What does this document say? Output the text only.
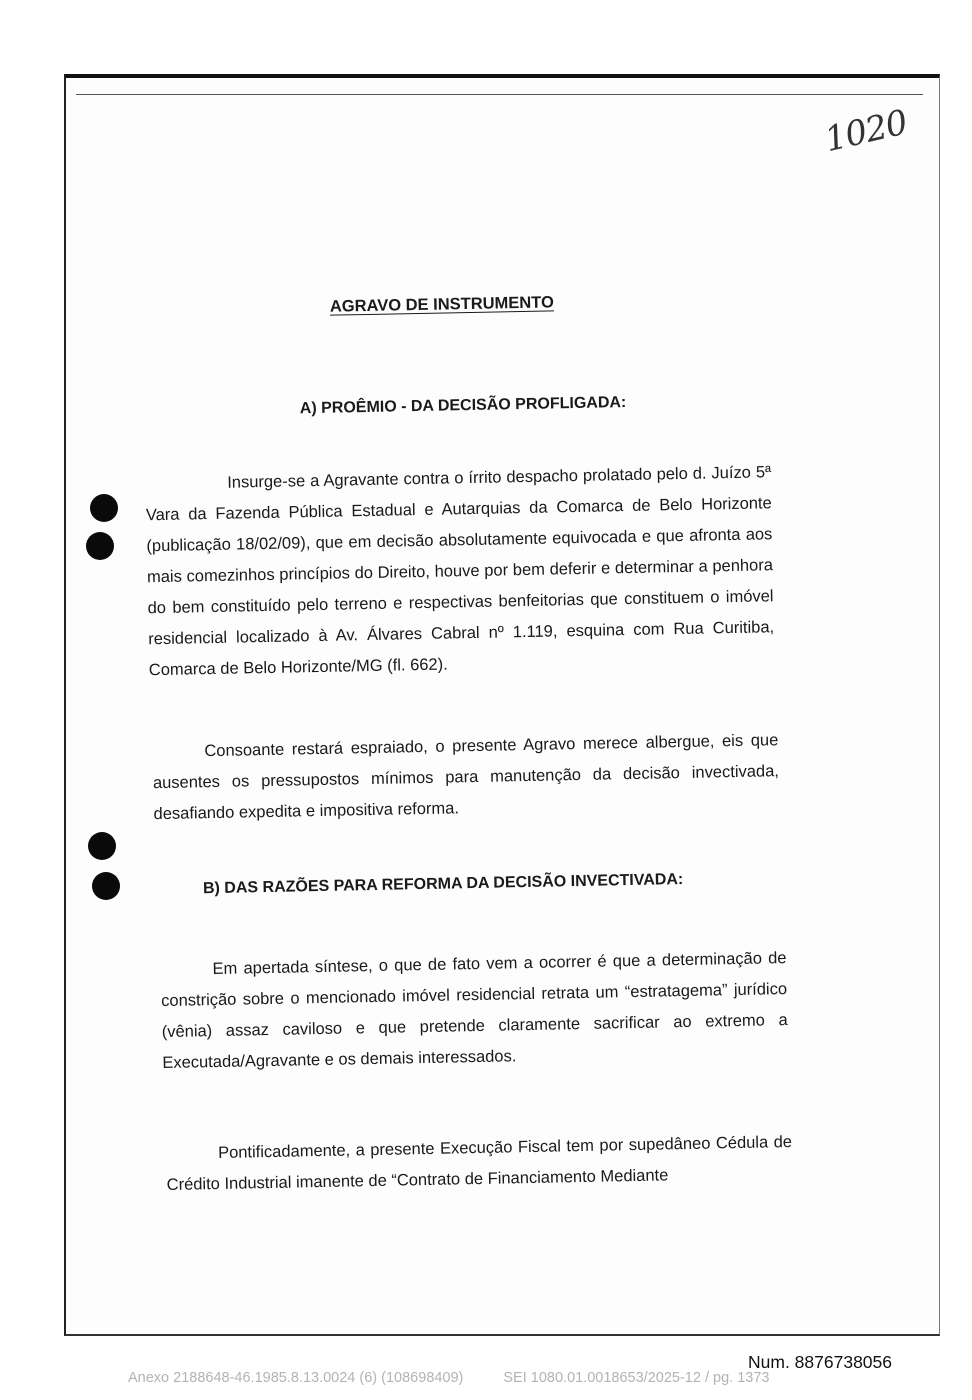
1020
AGRAVO DE INSTRUMENTO
A) PROÊMIO - DA DECISÃO PROFLIGADA:
Insurge-se a Agravante contra o írrito despacho prolatado pelo d. Juízo 5ª Vara da Fazenda Pública Estadual e Autarquias da Comarca de Belo Horizonte (publicação 18/02/09), que em decisão absolutamente equivocada e que afronta aos mais comezinhos princípios do Direito, houve por bem deferir e determinar a penhora do bem constituído pelo terreno e respectivas benfeitorias que constituem o imóvel residencial localizado à Av. Álvares Cabral nº 1.119, esquina com Rua Curitiba, Comarca de Belo Horizonte/MG (fl. 662).
Consoante restará espraiado, o presente Agravo merece albergue, eis que ausentes os pressupostos mínimos para manutenção da decisão invectivada, desafiando expedita e impositiva reforma.
B) DAS RAZÕES PARA REFORMA DA DECISÃO INVECTIVADA:
Em apertada síntese, o que de fato vem a ocorrer é que a determinação de constrição sobre o mencionado imóvel residencial retrata um “estratagema” jurídico (vênia) assaz caviloso e que pretende claramente sacrificar ao extremo a Executada/Agravante e os demais interessados.
Pontificadamente, a presente Execução Fiscal tem por supedâneo Cédula de Crédito Industrial imanente de “Contrato de Financiamento Mediante
Num. 8876738056
Anexo 2188648-46.1985.8.13.0024 (6) (108698409)	SEI 1080.01.0018653/2025-12 / pg. 1373
